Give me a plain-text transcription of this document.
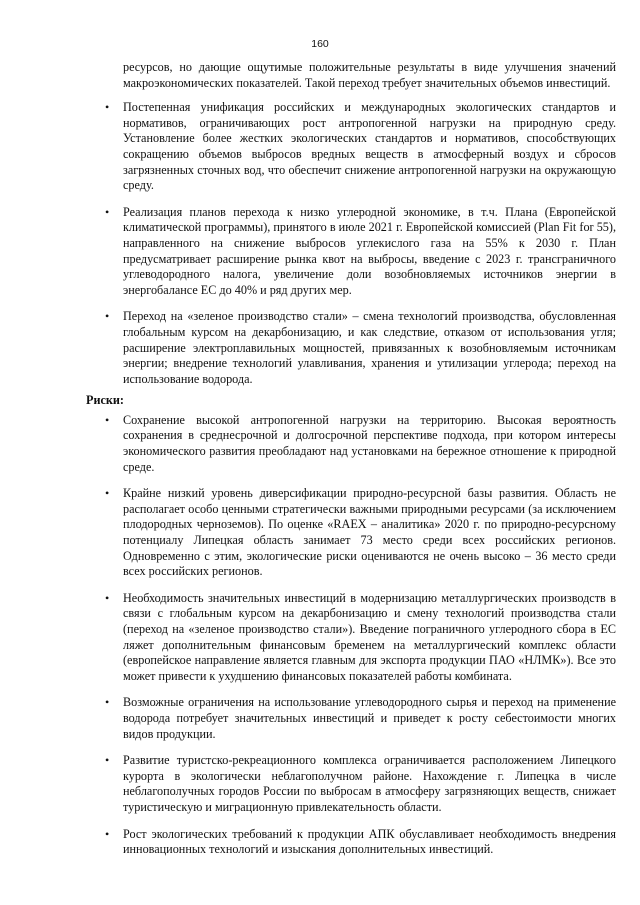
160

ресурсов, но дающие ощутимые положительные результаты в виде улучшения значений макроэкономических показателей. Такой переход требует значительных объемов инвестиций.

• Постепенная унификация российских и международных экологических стандартов и нормативов, ограничивающих рост антропогенной нагрузки на природную среду. Установление более жестких экологических стандартов и нормативов, способствующих сокращению объемов выбросов вредных веществ в атмосферный воздух и сбросов загрязненных сточных вод, что обеспечит снижение антропогенной нагрузки на окружающую среду.
• Реализация планов перехода к низко углеродной экономике, в т.ч. Плана (Европейской климатической программы), принятого в июле 2021 г. Европейской комиссией (Plan Fit for 55), направленного на снижение выбросов углекислого газа на 55% к 2030 г. План предусматривает расширение рынка квот на выбросы, введение с 2023 г. трансграничного углеводородного налога, увеличение доли возобновляемых источников энергии в энергобалансе ЕС до 40% и ряд других мер.
• Переход на «зеленое производство стали» – смена технологий производства, обусловленная глобальным курсом на декарбонизацию, и как следствие, отказом от использования угля; расширение электроплавильных мощностей, привязанных к возобновляемым источникам энергии; внедрение технологий улавливания, хранения и утилизации углерода; переход на использование водорода.
Риски:
• Сохранение высокой антропогенной нагрузки на территорию. Высокая вероятность сохранения в среднесрочной и долгосрочной перспективе подхода, при котором интересы экономического развития преобладают над установками на бережное отношение к природной среде.
• Крайне низкий уровень диверсификации природно-ресурсной базы развития. Область не располагает особо ценными стратегически важными природными ресурсами (за исключением плодородных черноземов). По оценке «RAEX – аналитика» 2020 г. по природно-ресурсному потенциалу Липецкая область занимает 73 место среди всех российских регионов. Одновременно с этим, экологические риски оцениваются не очень высоко – 36 место среди всех российских регионов.
• Необходимость значительных инвестиций в модернизацию металлургических производств в связи с глобальным курсом на декарбонизацию и смену технологий производства стали (переход на «зеленое производство стали»). Введение пограничного углеродного сбора в ЕС ляжет дополнительным финансовым бременем на металлургический комплекс области (европейское направление является главным для экспорта продукции ПАО «НЛМК»). Все это может привести к ухудшению финансовых показателей работы комбината.
• Возможные ограничения на использование углеводородного сырья и переход на применение водорода потребует значительных инвестиций и приведет к росту себестоимости многих видов продукции.
• Развитие туристско-рекреационного комплекса ограничивается расположением Липецкого курорта в экологически неблагополучном районе. Нахождение г. Липецка в числе неблагополучных городов России по выбросам в атмосферу загрязняющих веществ, снижает туристическую и миграционную привлекательность области.
• Рост экологических требований к продукции АПК обуславливает необходимость внедрения инновационных технологий и изыскания дополнительных инвестиций.
